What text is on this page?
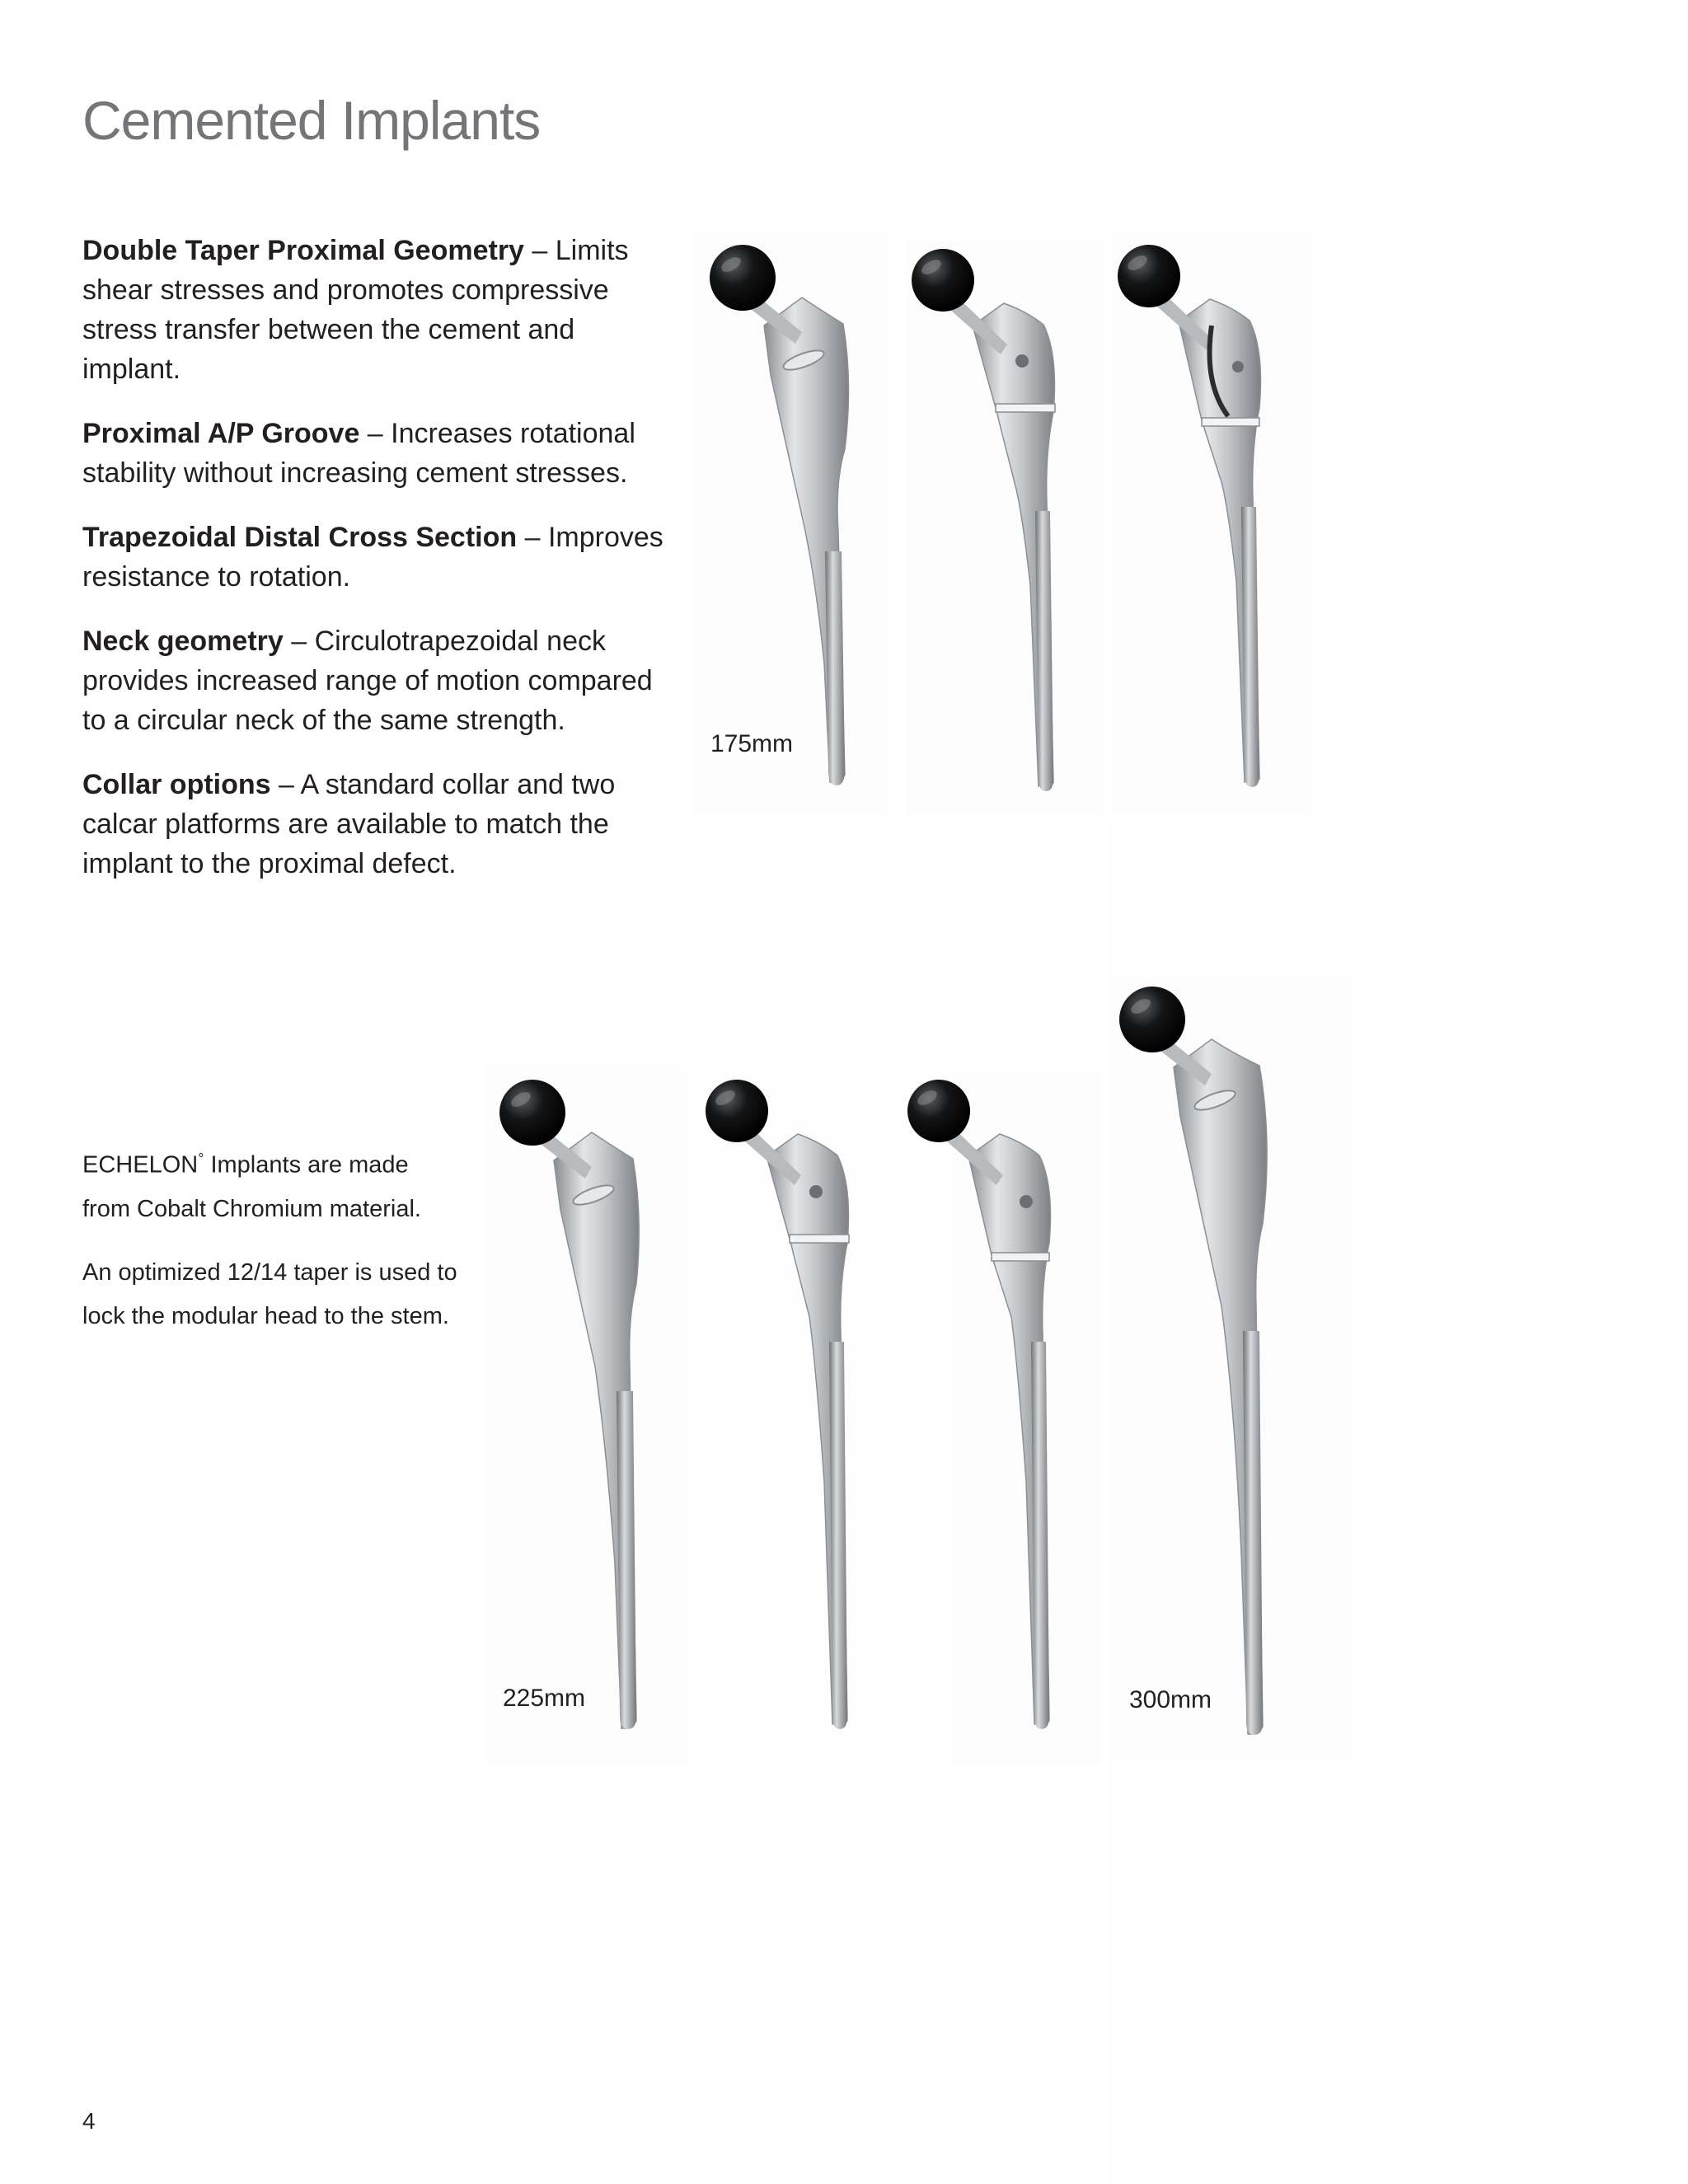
Cemented Implants

Double Taper Proximal Geometry – Limits shear stresses and promotes compressive stress transfer between the cement and implant.

Proximal A/P Groove – Increases rotational stability without increasing cement stresses.

Trapezoidal Distal Cross Section – Improves resistance to rotation.

Neck geometry – Circulotrapezoidal neck provides increased range of motion compared to a circular neck of the same strength.

Collar options – A standard collar and two calcar platforms are available to match the implant to the proximal defect.

ECHELON° Implants are made from Cobalt Chromium material.

An optimized 12/14 taper is used to lock the modular head to the stem.

175mm
225mm	300mm
4
